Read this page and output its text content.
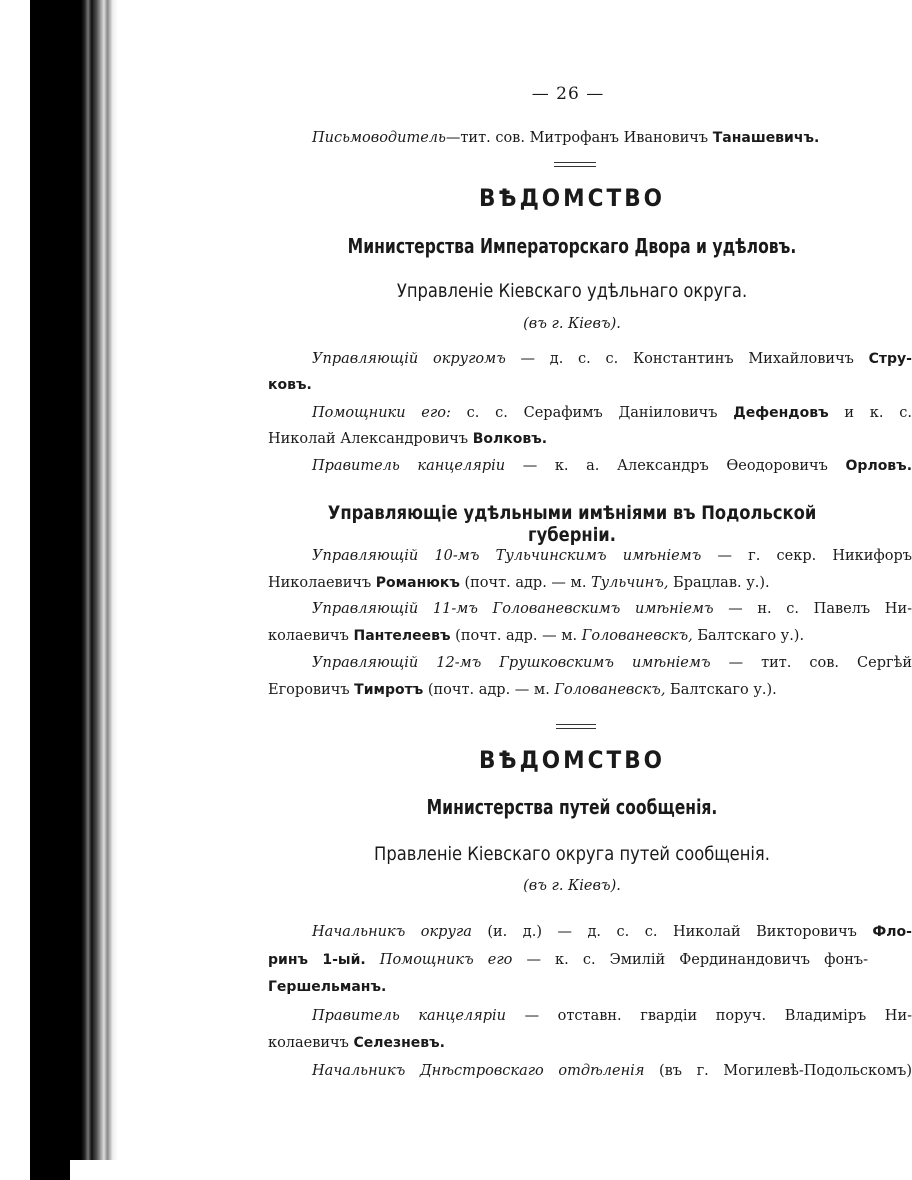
— 26 —
Письмоводитель—тит. сов. Митрофанъ Ивановичъ Танашевичъ.
ВѢДОМСТВО
Министерства Императорскаго Двора и удѣловъ.
Управленіе Кіевскаго удѣльнаго округа.
(въ г. Кіевъ).
Управляющій округомъ — д. с. с. Константинъ Михайловичъ Стру-
ковъ.
Помощники его: с. с. Серафимъ Даніиловичъ Дефендовъ и к. с.
Николай Александровичъ Волковъ.
Правитель канцеляріи — к. а. Александръ Ѳеодоровичъ Орловъ.
Управляющіе удѣльными имѣніями въ Подольской губерніи.
Управляющій 10-мъ Тульчинскимъ имѣніемъ — г. секр. Никифоръ
Николаевичъ Романюкъ (почт. адр. — м. Тульчинъ, Брацлав. у.).
Управляющій 11-мъ Голованевскимъ имѣніемъ — н. с. Павелъ Ни-
колаевичъ Пантелеевъ (почт. адр. — м. Голованевскъ, Балтскаго у.).
Управляющій 12-мъ Грушковскимъ имѣніемъ — тит. сов. Сергѣй
Егоровичъ Тимротъ (почт. адр. — м. Голованевскъ, Балтскаго у.).
ВѢДОМСТВО
Министерства путей сообщенія.
Правленіе Кіевскаго округа путей сообщенія.
(въ г. Кіевъ).
Начальникъ округа (и. д.) — д. с. с. Николай Викторовичъ Фло-
ринъ 1-ый. Помощникъ его — к. с. Эмилій Фердинандовичъ фонъ-
Гершельманъ.
Правитель канцеляріи — отставн. гвардіи поруч. Владиміръ Ни-
колаевичъ Селезневъ.
Начальникъ Днѣстровскаго отдѣленія (въ г. Могилевѣ-Подольскомъ)
